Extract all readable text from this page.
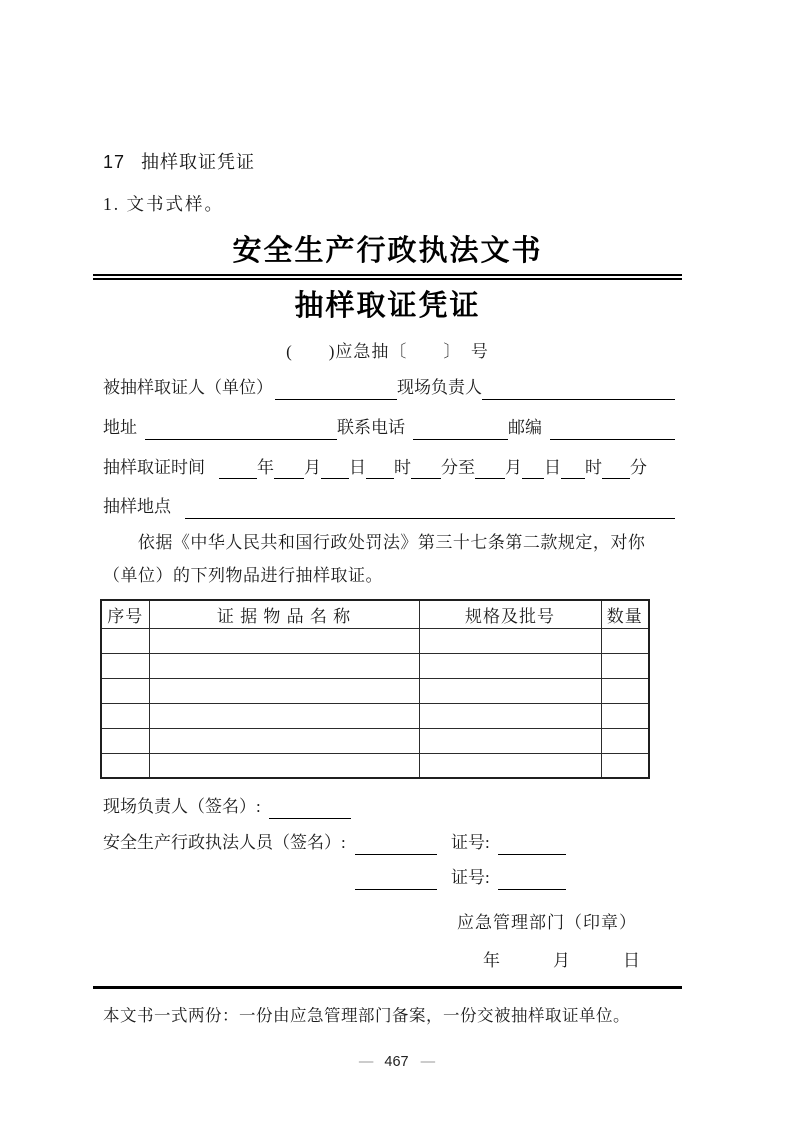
17 抽样取证凭证
1. 文书式样。
安全生产行政执法文书
抽样取证凭证
(　　)应急抽〔　　〕　号
被抽样取证人（单位）	现场负责人
地址	联系电话	邮编
抽样取证时间	年 月 日 时 分至 月 日 时 分
抽样地点
依据《中华人民共和国行政处罚法》第三十七条第二款规定，对你（单位）的下列物品进行抽样取证。
序号	证 据 物 品 名 称	规格及批号	数量

现场负责人（签名）:
安全生产行政执法人员（签名）:	证号:
证号:
应急管理部门（印章）
年	月	日
本文书一式两份：一份由应急管理部门备案，一份交被抽样取证单位。
— 467 —
